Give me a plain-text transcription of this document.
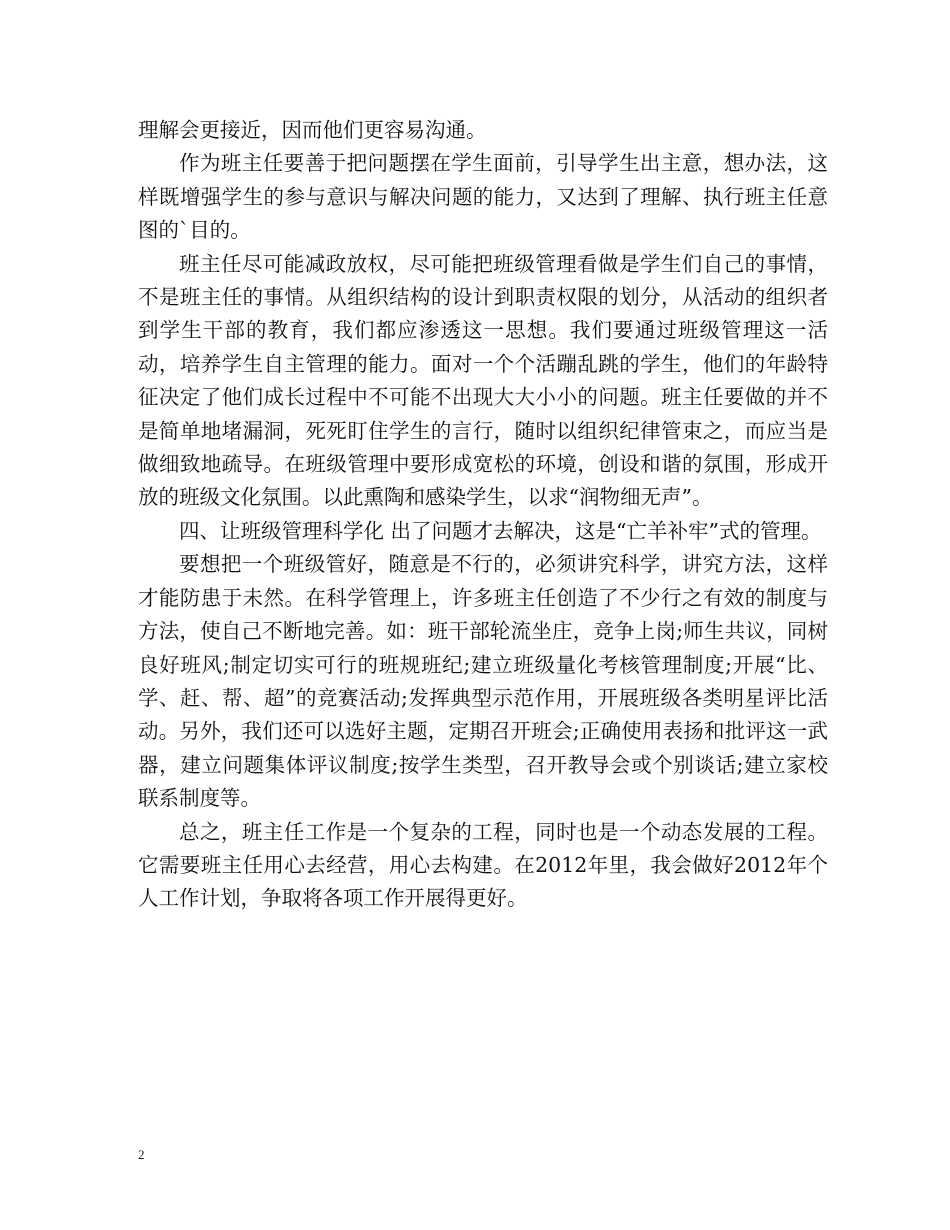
理解会更接近，因而他们更容易沟通。

作为班主任要善于把问题摆在学生面前，引导学生出主意，想办法，这样既增强学生的参与意识与解决问题的能力，又达到了理解、执行班主任意图的`目的。

班主任尽可能减政放权，尽可能把班级管理看做是学生们自己的事情，不是班主任的事情。从组织结构的设计到职责权限的划分，从活动的组织者到学生干部的教育，我们都应渗透这一思想。我们要通过班级管理这一活动，培养学生自主管理的能力。面对一个个活蹦乱跳的学生，他们的年龄特征决定了他们成长过程中不可能不出现大大小小的问题。班主任要做的并不是简单地堵漏洞，死死盯住学生的言行，随时以组织纪律管束之，而应当是做细致地疏导。在班级管理中要形成宽松的环境，创设和谐的氛围，形成开放的班级文化氛围。以此熏陶和感染学生，以求“润物细无声”。

四、让班级管理科学化 出了问题才去解决，这是“亡羊补牢”式的管理。

要想把一个班级管好，随意是不行的，必须讲究科学，讲究方法，这样才能防患于未然。在科学管理上，许多班主任创造了不少行之有效的制度与方法，使自己不断地完善。如：班干部轮流坐庄，竞争上岗;师生共议，同树良好班风;制定切实可行的班规班纪;建立班级量化考核管理制度;开展“比、学、赶、帮、超”的竞赛活动;发挥典型示范作用，开展班级各类明星评比活动。另外，我们还可以选好主题，定期召开班会;正确使用表扬和批评这一武器，建立问题集体评议制度;按学生类型，召开教导会或个别谈话;建立家校联系制度等。

总之，班主任工作是一个复杂的工程，同时也是一个动态发展的工程。它需要班主任用心去经营，用心去构建。在2012年里，我会做好2012年个人工作计划，争取将各项工作开展得更好。

2
